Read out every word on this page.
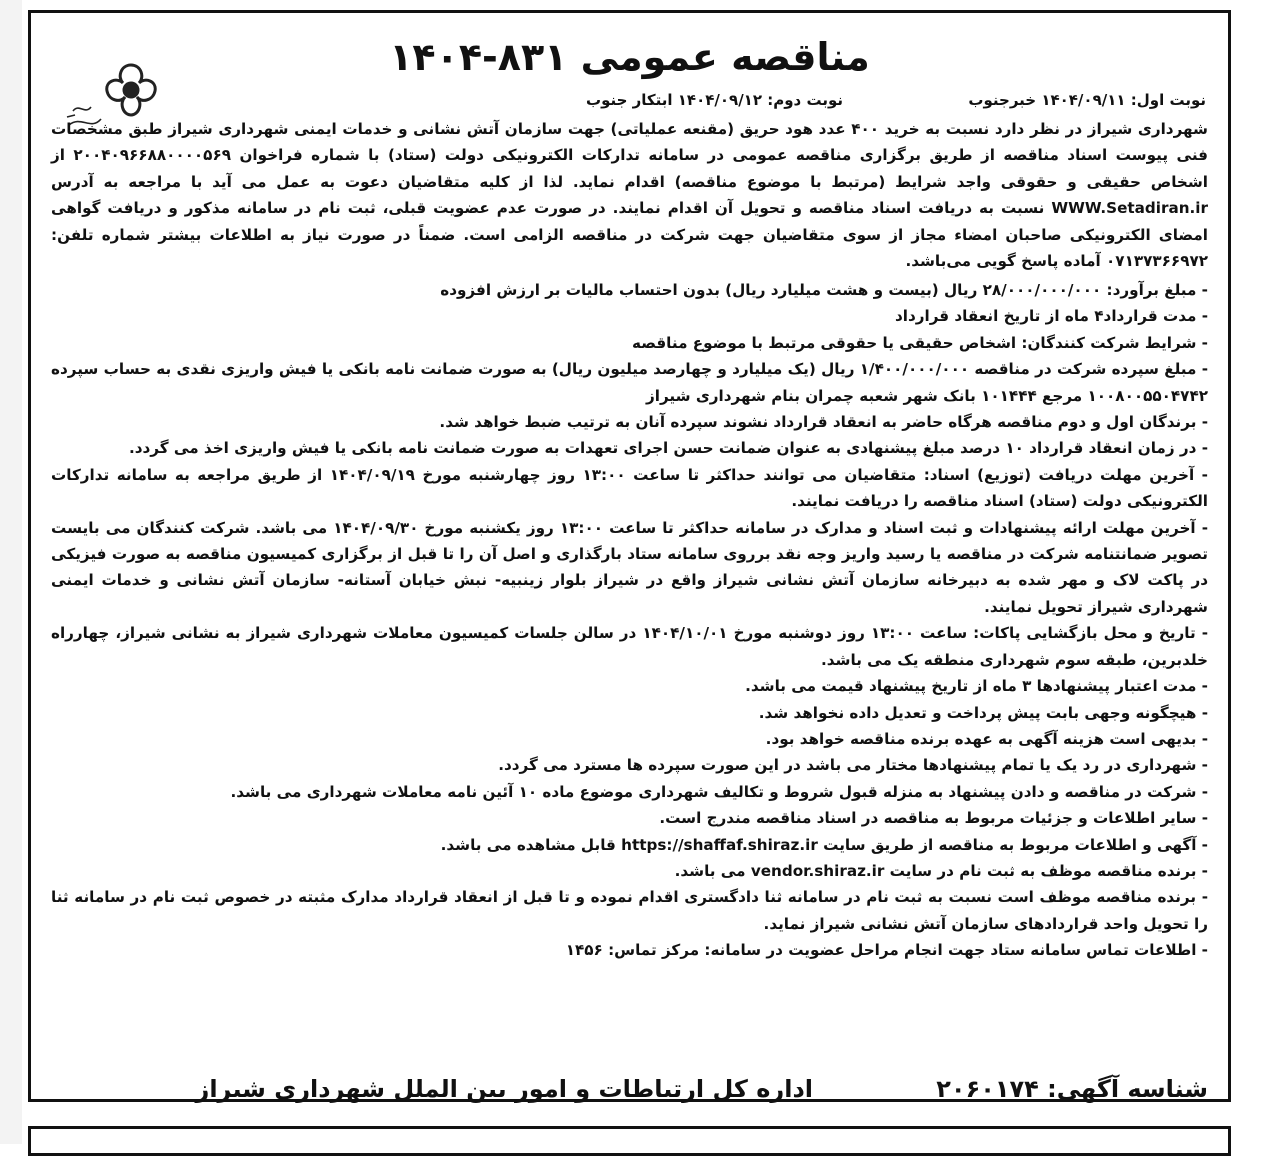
مناقصه عمومی ۸۳۱-۱۴۰۴
نوبت اول: ۱۴۰۴/۰۹/۱۱ خبرجنوب
نوبت دوم: ۱۴۰۴/۰۹/۱۲ ابتکار جنوب

شهرداری شیراز در نظر دارد نسبت به خرید ۴۰۰ عدد هود حریق (مقنعه عملیاتی) جهت سازمان آتش نشانی و خدمات ایمنی شهرداری شیراز طبق مشخصات فنی پیوست اسناد مناقصه از طریق برگزاری مناقصه عمومی در سامانه تدارکات الکترونیکی دولت (ستاد) با شماره فراخوان ۲۰۰۴۰۹۶۶۸۸۰۰۰۰۵۶۹ از اشخاص حقیقی و حقوقی واجد شرایط (مرتبط با موضوع مناقصه) اقدام نماید. لذا از کلیه متقاضیان دعوت به عمل می آید با مراجعه به آدرس WWW.Setadiran.ir نسبت به دریافت اسناد مناقصه و تحویل آن اقدام نمایند. در صورت عدم عضویت قبلی، ثبت نام در سامانه مذکور و دریافت گواهی امضای الکترونیکی صاحبان امضاء مجاز از سوی متقاضیان جهت شرکت در مناقصه الزامی است. ضمناً در صورت نیاز به اطلاعات بیشتر شماره تلفن: ۰۷۱۳۷۳۶۶۹۷۲ آماده پاسخ گویی می‌باشد.

- مبلغ برآورد: ۲۸/۰۰۰/۰۰۰/۰۰۰ ریال (بیست و هشت میلیارد ریال) بدون احتساب مالیات بر ارزش افزوده

- مدت قرارداد۴ ماه از تاریخ انعقاد قرارداد

- شرایط شرکت کنندگان: اشخاص حقیقی یا حقوقی مرتبط با موضوع مناقصه

- مبلغ سپرده شرکت در مناقصه ۱/۴۰۰/۰۰۰/۰۰۰ ریال (یک میلیارد و چهارصد میلیون ریال) به صورت ضمانت نامه بانکی یا فیش واریزی نقدی به حساب سپرده ۱۰۰۸۰۰۵۵۰۴۷۴۲ مرجع ۱۰۱۴۴۴ بانک شهر شعبه چمران بنام شهرداری شیراز

- برندگان اول و دوم مناقصه هرگاه حاضر به انعقاد قرارداد نشوند سپرده آنان به ترتیب ضبط خواهد شد.

- در زمان انعقاد قرارداد ۱۰ درصد مبلغ پیشنهادی به عنوان ضمانت حسن اجرای تعهدات به صورت ضمانت نامه بانکی یا فیش واریزی اخذ می گردد.

- آخرین مهلت دریافت (توزیع) اسناد: متقاضیان می توانند حداکثر تا ساعت ۱۳:۰۰ روز چهارشنبه مورخ ۱۴۰۴/۰۹/۱۹ از طریق مراجعه به سامانه تدارکات الکترونیکی دولت (ستاد) اسناد مناقصه را دریافت نمایند.

- آخرین مهلت ارائه پیشنهادات و ثبت اسناد و مدارک در سامانه حداکثر تا ساعت ۱۳:۰۰ روز یکشنبه مورخ ۱۴۰۴/۰۹/۳۰ می باشد. شرکت کنندگان می بایست تصویر ضمانتنامه شرکت در مناقصه یا رسید واریز وجه نقد برروی سامانه ستاد بارگذاری و اصل آن را تا قبل از برگزاری کمیسیون مناقصه به صورت فیزیکی در پاکت لاک و مهر شده به دبیرخانه سازمان آتش نشانی شیراز واقع در شیراز بلوار زینبیه- نبش خیابان آستانه- سازمان آتش نشانی و خدمات ایمنی شهرداری شیراز تحویل نمایند.

- تاریخ و محل بازگشایی پاکات: ساعت ۱۳:۰۰ روز دوشنبه مورخ ۱۴۰۴/۱۰/۰۱ در سالن جلسات کمیسیون معاملات شهرداری شیراز به نشانی شیراز، چهارراه خلدبرین، طبقه سوم شهرداری منطقه یک می باشد.

- مدت اعتبار پیشنهادها ۳ ماه از تاریخ پیشنهاد قیمت می باشد.

- هیچگونه وجهی بابت پیش پرداخت و تعدیل داده نخواهد شد.

- بدیهی است هزینه آگهی به عهده برنده مناقصه خواهد بود.

- شهرداری در رد یک یا تمام پیشنهادها مختار می باشد در این صورت سپرده ها مسترد می گردد.

- شرکت در مناقصه و دادن پیشنهاد به منزله قبول شروط و تکالیف شهرداری موضوع ماده ۱۰ آئین نامه معاملات شهرداری می باشد.

- سایر اطلاعات و جزئیات مربوط به مناقصه در اسناد مناقصه مندرج است.

- آگهی و اطلاعات مربوط به مناقصه از طریق سایت https://shaffaf.shiraz.ir قابل مشاهده می باشد.

- برنده مناقصه موظف به ثبت نام در سایت vendor.shiraz.ir می باشد.

- برنده مناقصه موظف است نسبت به ثبت نام در سامانه ثنا دادگستری اقدام نموده و تا قبل از انعقاد قرارداد مدارک مثبته در خصوص ثبت نام در سامانه ثنا را تحویل واحد قراردادهای سازمان آتش نشانی شیراز نماید.

- اطلاعات تماس سامانه ستاد جهت انجام مراحل عضویت در سامانه: مرکز تماس: ۱۴۵۶

شناسه آگهی: ۲۰۶۰۱۷۴
اداره کل ارتباطات و امور بین الملل شهرداری شیراز
